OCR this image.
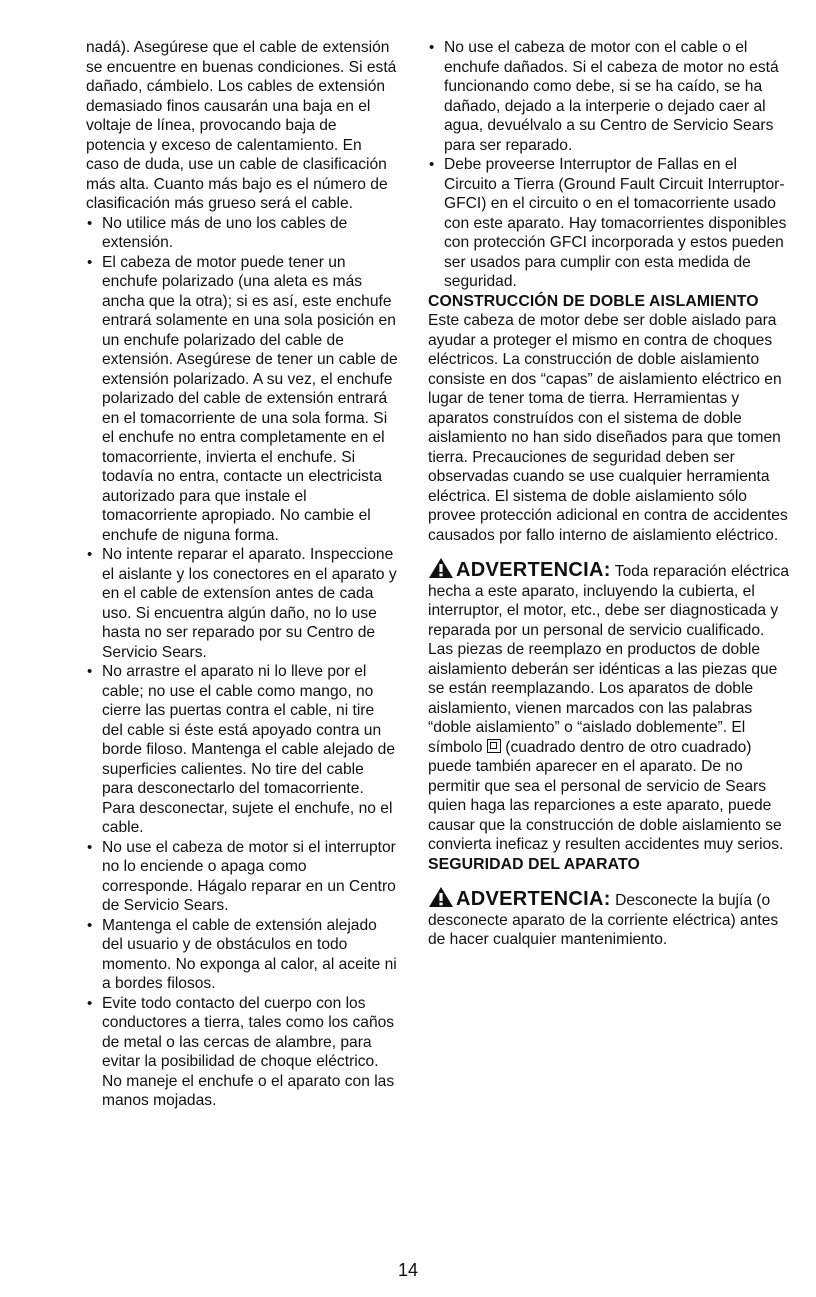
nadá). Asegúrese que el cable de extensión se encuentre en buenas condiciones. Si está dañado, cámbielo. Los cables de extensión demasiado finos causarán una baja en el voltaje de línea, provocando baja de potencia y exceso de calentamiento. En caso de duda, use un cable de clasificación más alta. Cuanto más bajo es el número de clasificación más grueso será el cable.

• No utilice más de uno los cables de extensión.

• El cabeza de motor puede tener un enchufe polarizado (una aleta es más ancha que la otra); si es así, este enchufe entrará solamente en una sola posición en un enchufe polarizado del cable de extensión. Asegúrese de tener un cable de extensión polarizado. A su vez, el enchufe polarizado del cable de extensión entrará en el tomacorriente de una sola forma. Si el enchufe no entra completamente en el tomacorriente, invierta el enchufe. Si todavía no entra, contacte un electricista autorizado para que instale el tomacorriente apropiado. No cambie el enchufe de niguna forma.

• No intente reparar el aparato. Inspeccione el aislante y los conectores en el aparato y en el cable de extensíon antes de cada uso. Si encuentra algún daño, no lo use hasta no ser reparado por su Centro de Servicio Sears.

• No arrastre el aparato ni lo lleve por el cable; no use el cable como mango, no cierre las puertas contra el cable, ni tire del cable si éste está apoyado contra un borde filoso. Mantenga el cable alejado de superficies calientes. No tire del cable para desconectarlo del tomacorriente. Para desconectar, sujete el enchufe, no el cable.

• No use el cabeza de motor si el interruptor no lo enciende o apaga como corresponde. Hágalo reparar en un Centro de Servicio Sears.

• Mantenga el cable de extensión alejado del usuario y de obstáculos en todo momento. No exponga al calor, al aceite ni a bordes filosos.

• Evite todo contacto del cuerpo con los conductores a tierra, tales como los caños de metal o las cercas de alambre, para evitar la posibilidad de choque eléctrico. No maneje el enchufe o el aparato con las manos mojadas.

• No use el cabeza de motor con el cable o el enchufe dañados. Si el cabeza de motor no está funcionando como debe, si se ha caído, se ha dañado, dejado a la interperie o dejado caer al agua, devuélvalo a su Centro de Servicio Sears para ser reparado.

• Debe proveerse Interruptor de Fallas en el Circuito a Tierra (Ground Fault Circuit Interruptor- GFCI) en el circuito o en el tomacorriente usado con este aparato. Hay tomacorrientes disponibles con protección GFCI incorporada y estos pueden ser usados para cumplir con esta medida de seguridad.

CONSTRUCCIÓN DE DOBLE AISLAMIENTO

Este cabeza de motor debe ser doble aislado para ayudar a proteger el mismo en contra de choques eléctricos. La construcción de doble aislamiento consiste en dos “capas” de aislamiento eléctrico en lugar de tener toma de tierra. Herramientas y aparatos construídos con el sistema de doble aislamiento no han sido diseñados para que tomen tierra. Precauciones de seguridad deben ser observadas cuando se use cualquier herramienta eléctrica. El sistema de doble aislamiento sólo provee protección adicional en contra de accidentes causados por fallo interno de aislamiento eléctrico.

ADVERTENCIA: Toda reparación eléctrica hecha a este aparato, incluyendo la cubierta, el interruptor, el motor, etc., debe ser diagnosticada y reparada por un personal de servicio cualificado. Las piezas de reemplazo en productos de doble aislamiento deberán ser idénticas a las piezas que se están reemplazando. Los aparatos de doble aislamiento, vienen marcados con las palabras “doble aislamiento” o “aislado doblemente”. El símbolo (cuadrado dentro de otro cuadrado) puede también aparecer en el aparato. De no permitir que sea el personal de servicio de Sears quien haga las reparciones a este aparato, puede causar que la construcción de doble aislamiento se convierta ineficaz y resulten accidentes muy serios.

SEGURIDAD DEL APARATO

ADVERTENCIA: Desconecte la bujía (o desconecte aparato de la corriente eléctrica) antes de hacer cualquier mantenimiento.

14
